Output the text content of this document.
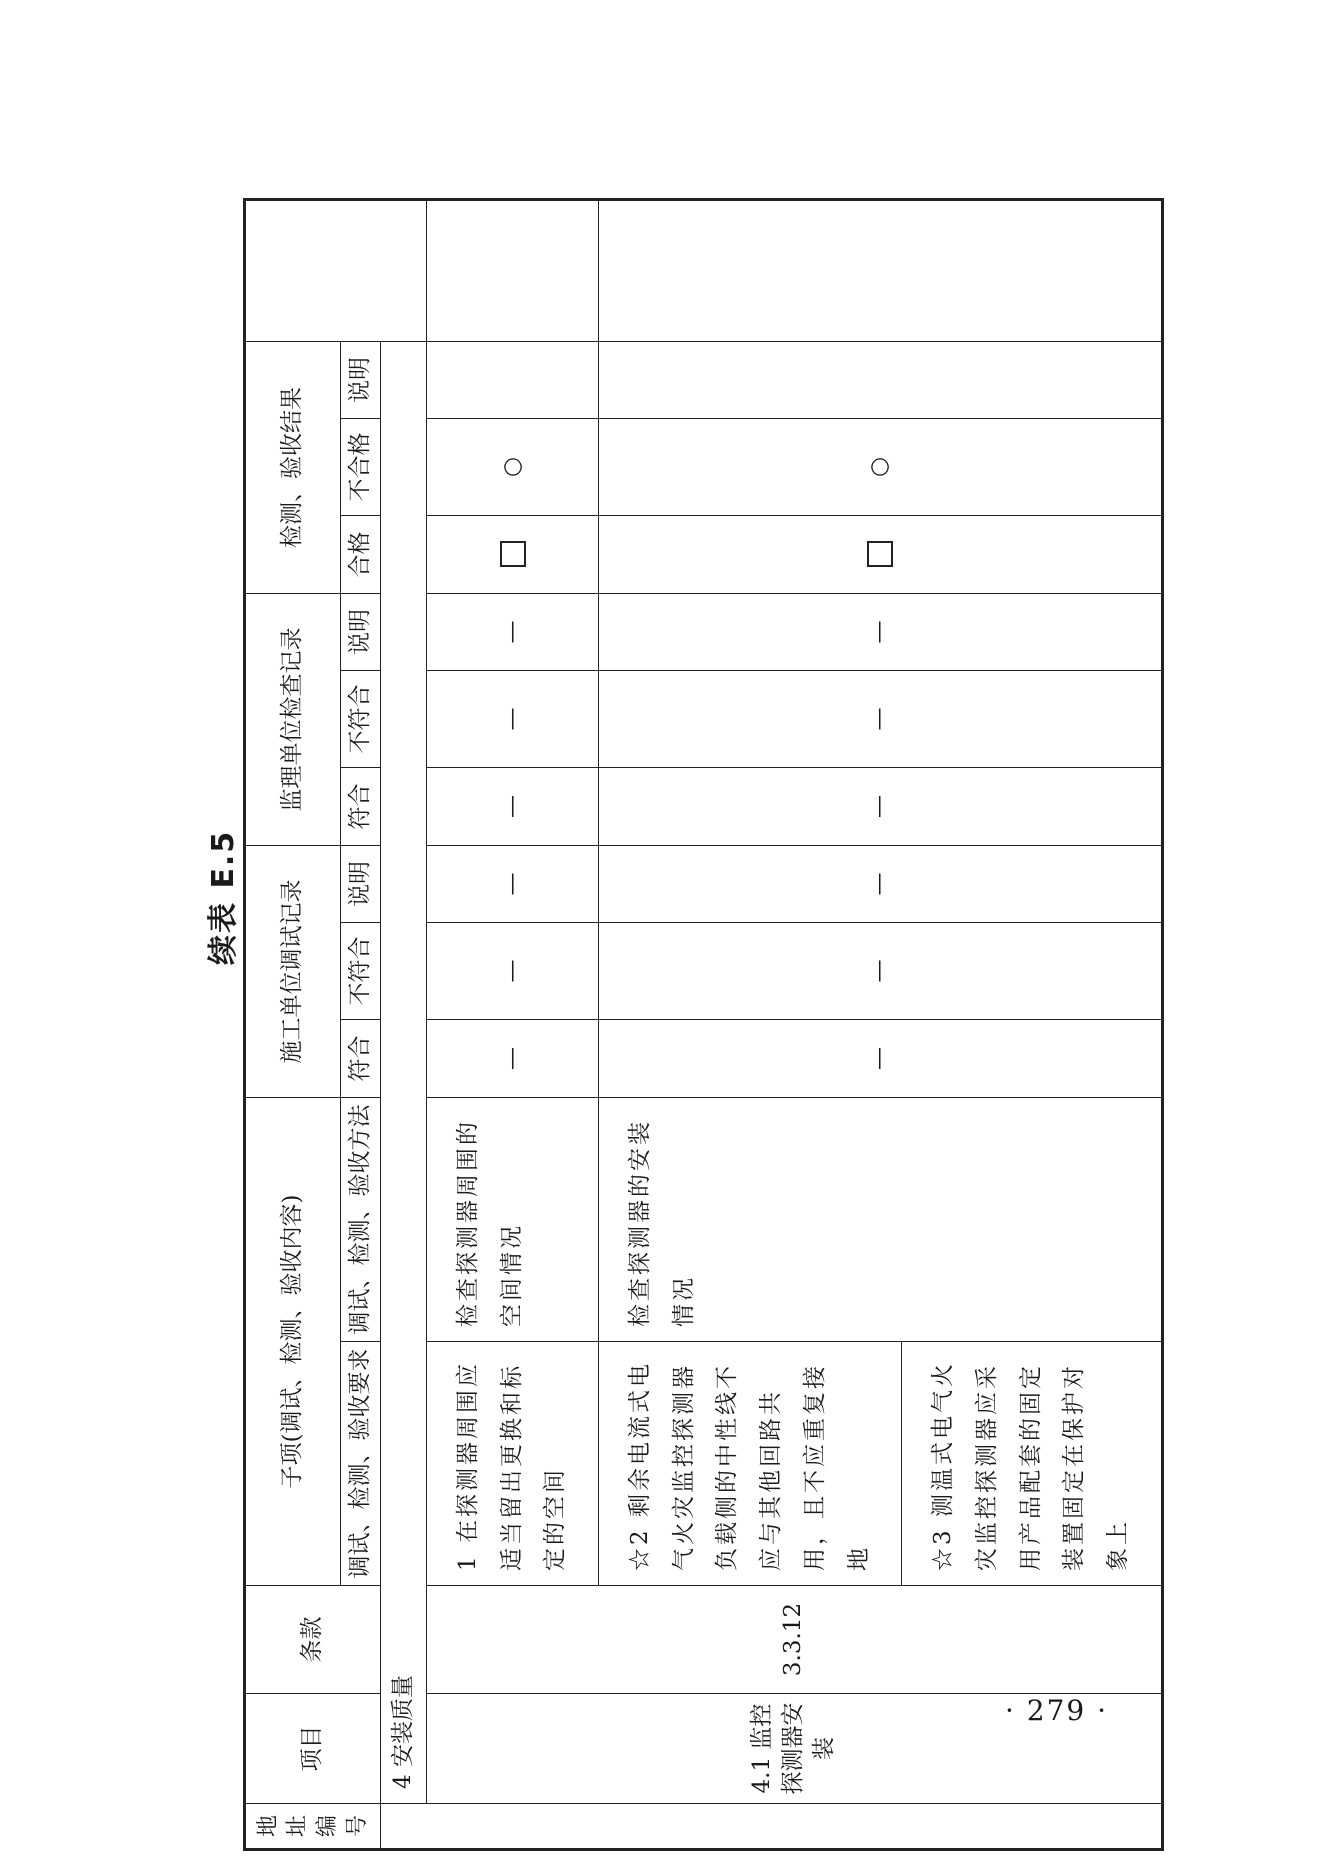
续表 E.5
地址编号	项目	条款	子项(调试、检测、验收内容)		施工单位调试记录			监理单位检查记录			检测、验收结果			
			调试、检测、验收要求	调试、检测、验收方法	符合	不符合	说明	符合	不符合	说明	合格	不合格	说明	
	4 安装质量													
	4.1 监控探测器安装	3.3.12	1 在探测器周围应适当留出更换和标定的空间	检查探测器周围的空间情况	—	—	—	—	—	—		○		
			☆2 剩余电流式电气火灾监控探测器负载侧的中性线不应与其他回路共用，且不应重复接地	检查探测器的安装情况	—	—	—	—	—	—		○		
			☆3 测温式电气火灾监控探测器应采用产品配套的固定装置固定在保护对象上											
· 279 ·
